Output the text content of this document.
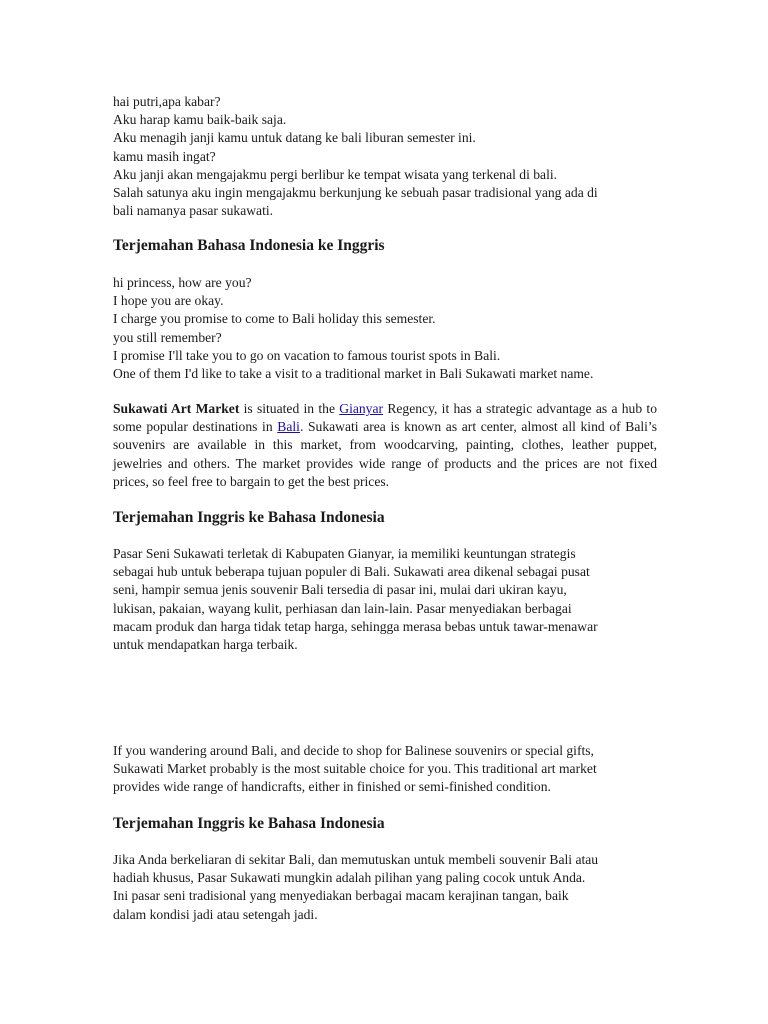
hai putri,apa kabar?
Aku harap kamu baik-baik saja.
Aku menagih janji kamu untuk datang ke bali liburan semester ini.
kamu masih ingat?
Aku janji akan mengajakmu pergi berlibur ke tempat wisata yang terkenal di bali.
Salah satunya aku ingin mengajakmu berkunjung ke sebuah pasar tradisional yang ada di
bali namanya pasar sukawati.
Terjemahan Bahasa Indonesia ke Inggris
hi princess, how are you?
I hope you are okay.
I charge you promise to come to Bali holiday this semester.
you still remember?
I promise I'll take you to go on vacation to famous tourist spots in Bali.
One of them I'd like to take a visit to a traditional market in Bali Sukawati market name.

Sukawati Art Market is situated in the Gianyar Regency, it has a strategic advantage as a hub to some popular destinations in Bali. Sukawati area is known as art center, almost all kind of Bali’s souvenirs are available in this market, from woodcarving, painting, clothes, leather puppet, jewelries and others. The market provides wide range of products and the prices are not fixed prices, so feel free to bargain to get the best prices.

Terjemahan Inggris ke Bahasa Indonesia
Pasar Seni Sukawati terletak di Kabupaten Gianyar, ia memiliki keuntungan strategis
sebagai hub untuk beberapa tujuan populer di Bali. Sukawati area dikenal sebagai pusat
seni, hampir semua jenis souvenir Bali tersedia di pasar ini, mulai dari ukiran kayu,
lukisan, pakaian, wayang kulit, perhiasan dan lain-lain. Pasar menyediakan berbagai
macam produk dan harga tidak tetap harga, sehingga merasa bebas untuk tawar-menawar
untuk mendapatkan harga terbaik.
If you wandering around Bali, and decide to shop for Balinese souvenirs or special gifts,
Sukawati Market probably is the most suitable choice for you. This traditional art market
provides wide range of handicrafts, either in finished or semi-finished condition.
Terjemahan Inggris ke Bahasa Indonesia
Jika Anda berkeliaran di sekitar Bali, dan memutuskan untuk membeli souvenir Bali atau
hadiah khusus, Pasar Sukawati mungkin adalah pilihan yang paling cocok untuk Anda.
Ini pasar seni tradisional yang menyediakan berbagai macam kerajinan tangan, baik
dalam kondisi jadi atau setengah jadi.
